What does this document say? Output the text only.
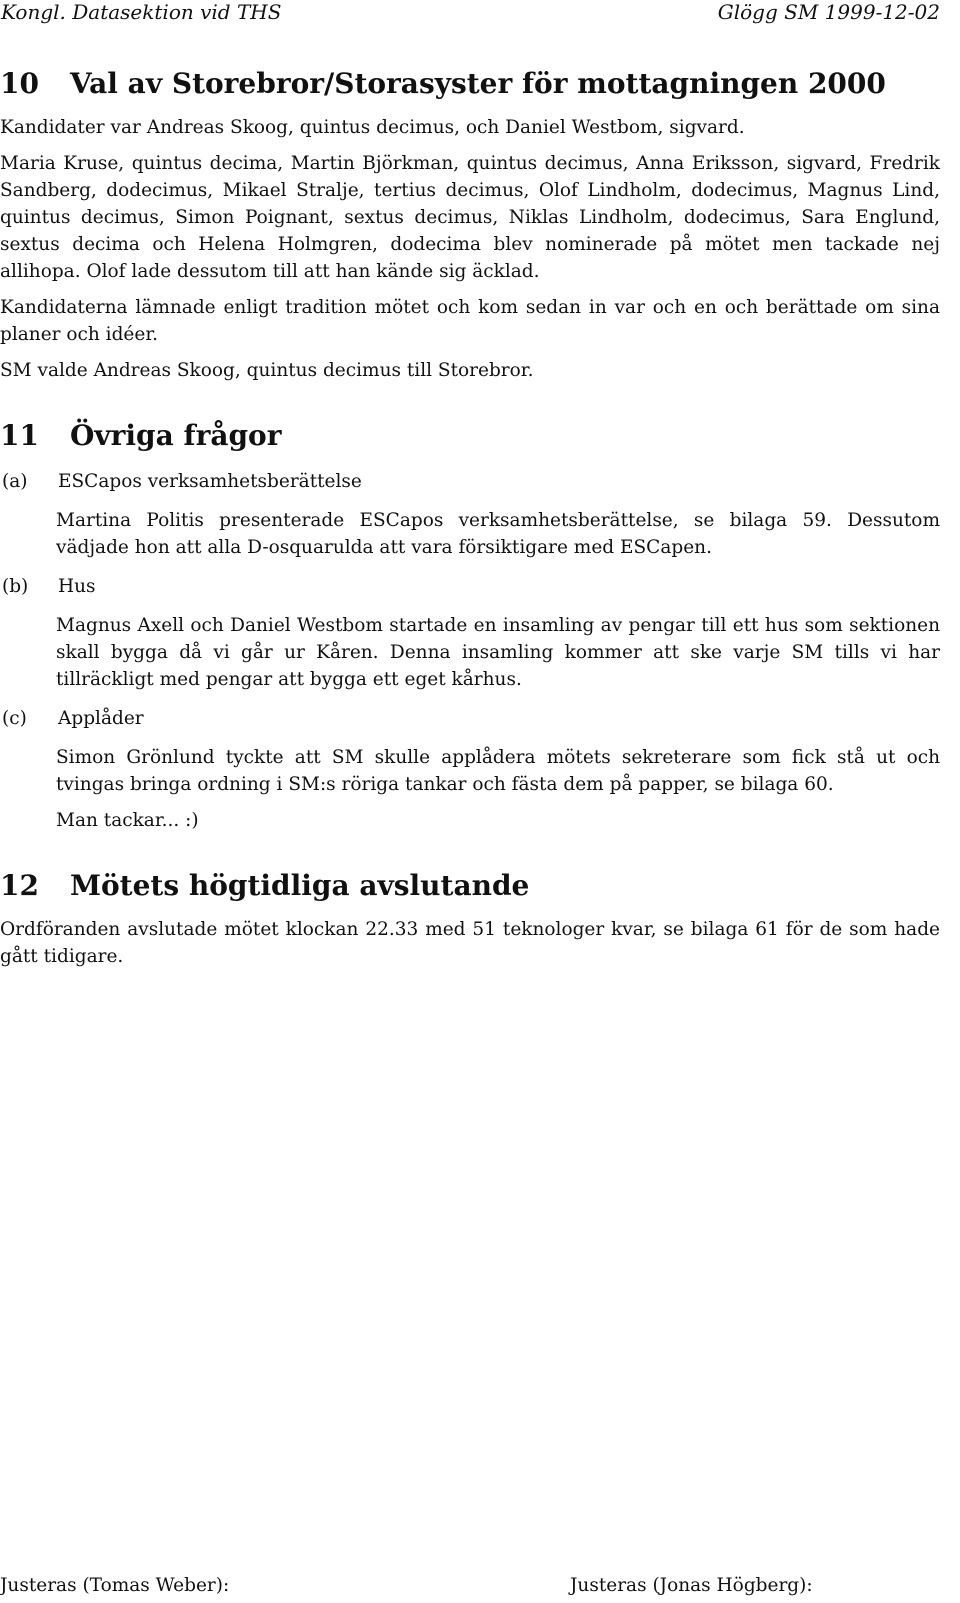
Kongl. Datasektion vid THS	Glögg SM 1999-12-02
10	Val av Storebror/Storasyster för mottagningen 2000

Kandidater var Andreas Skoog, quintus decimus, och Daniel Westbom, sigvard.

Maria Kruse, quintus decima, Martin Björkman, quintus decimus, Anna Eriksson, sigvard, Fredrik Sandberg, dodecimus, Mikael Stralje, tertius decimus, Olof Lindholm, dodecimus, Magnus Lind, quintus decimus, Simon Poignant, sextus decimus, Niklas Lindholm, dodecimus, Sara Englund, sextus decima och Helena Holmgren, dodecima blev nominerade på mötet men tackade nej allihopa. Olof lade dessutom till att han kände sig äcklad.

Kandidaterna lämnade enligt tradition mötet och kom sedan in var och en och berättade om sina planer och idéer.

SM valde Andreas Skoog, quintus decimus till Storebror.

11	Övriga frågor
(a)	ESCapos verksamhetsberättelse

Martina Politis presenterade ESCapos verksamhetsberättelse, se bilaga 59. Dessutom vädjade hon att alla D-osquarulda att vara försiktigare med ESCapen.

(b)	Hus

Magnus Axell och Daniel Westbom startade en insamling av pengar till ett hus som sektionen skall bygga då vi går ur Kåren. Denna insamling kommer att ske varje SM tills vi har tillräckligt med pengar att bygga ett eget kårhus.

(c)	Applåder

Simon Grönlund tyckte att SM skulle applådera mötets sekreterare som fick stå ut och tvingas bringa ordning i SM:s röriga tankar och fästa dem på papper, se bilaga 60.

Man tackar... :)

12	Mötets högtidliga avslutande

Ordföranden avslutade mötet klockan 22.33 med 51 teknologer kvar, se bilaga 61 för de som hade gått tidigare.

Justeras (Tomas Weber):	Justeras (Jonas Högberg):
